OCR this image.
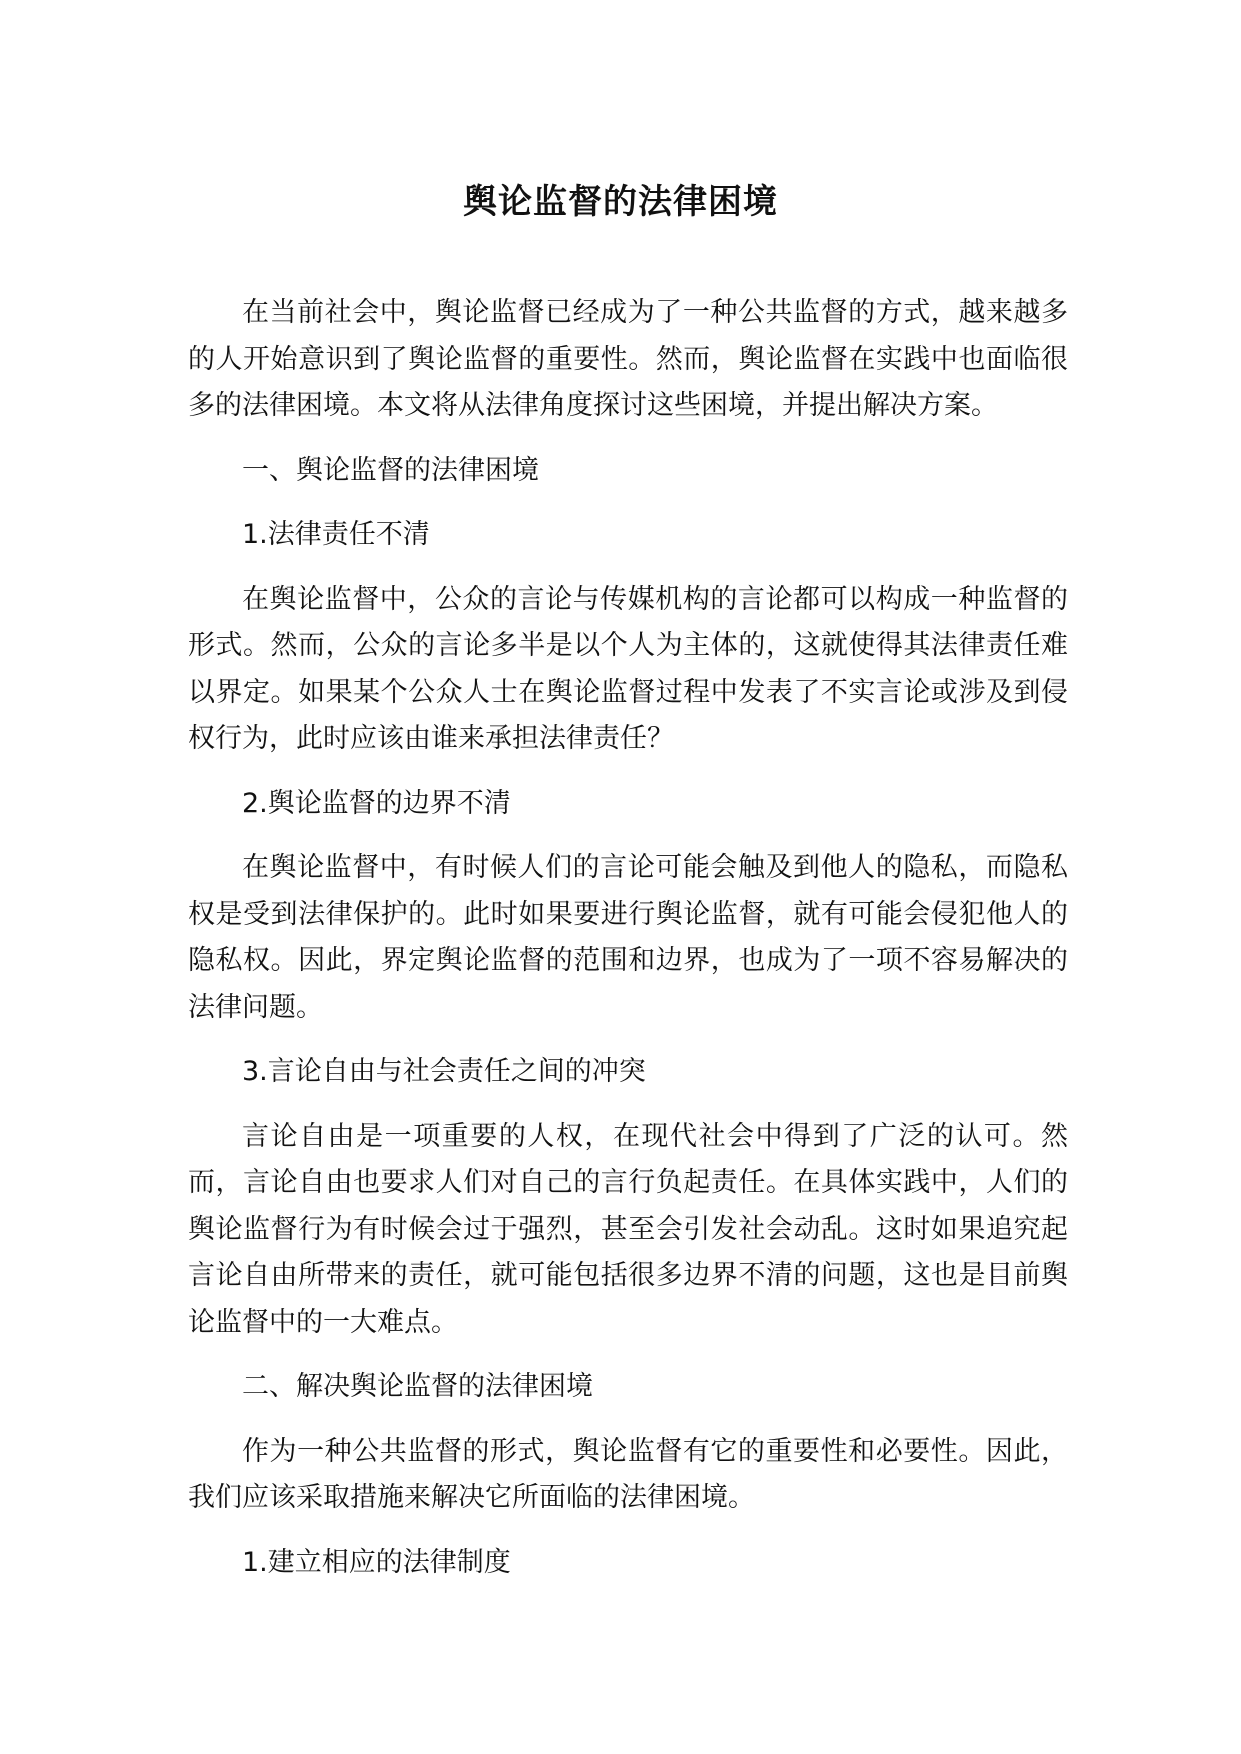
舆论监督的法律困境

在当前社会中，舆论监督已经成为了一种公共监督的方式，越来越多的人开始意识到了舆论监督的重要性。然而，舆论监督在实践中也面临很多的法律困境。本文将从法律角度探讨这些困境，并提出解决方案。

一、舆论监督的法律困境

1.法律责任不清

在舆论监督中，公众的言论与传媒机构的言论都可以构成一种监督的形式。然而，公众的言论多半是以个人为主体的，这就使得其法律责任难以界定。如果某个公众人士在舆论监督过程中发表了不实言论或涉及到侵权行为，此时应该由谁来承担法律责任？

2.舆论监督的边界不清

在舆论监督中，有时候人们的言论可能会触及到他人的隐私，而隐私权是受到法律保护的。此时如果要进行舆论监督，就有可能会侵犯他人的隐私权。因此，界定舆论监督的范围和边界，也成为了一项不容易解决的法律问题。

3.言论自由与社会责任之间的冲突

言论自由是一项重要的人权，在现代社会中得到了广泛的认可。然而，言论自由也要求人们对自己的言行负起责任。在具体实践中，人们的舆论监督行为有时候会过于强烈，甚至会引发社会动乱。这时如果追究起言论自由所带来的责任，就可能包括很多边界不清的问题，这也是目前舆论监督中的一大难点。

二、解决舆论监督的法律困境

作为一种公共监督的形式，舆论监督有它的重要性和必要性。因此，我们应该采取措施来解决它所面临的法律困境。

1.建立相应的法律制度
